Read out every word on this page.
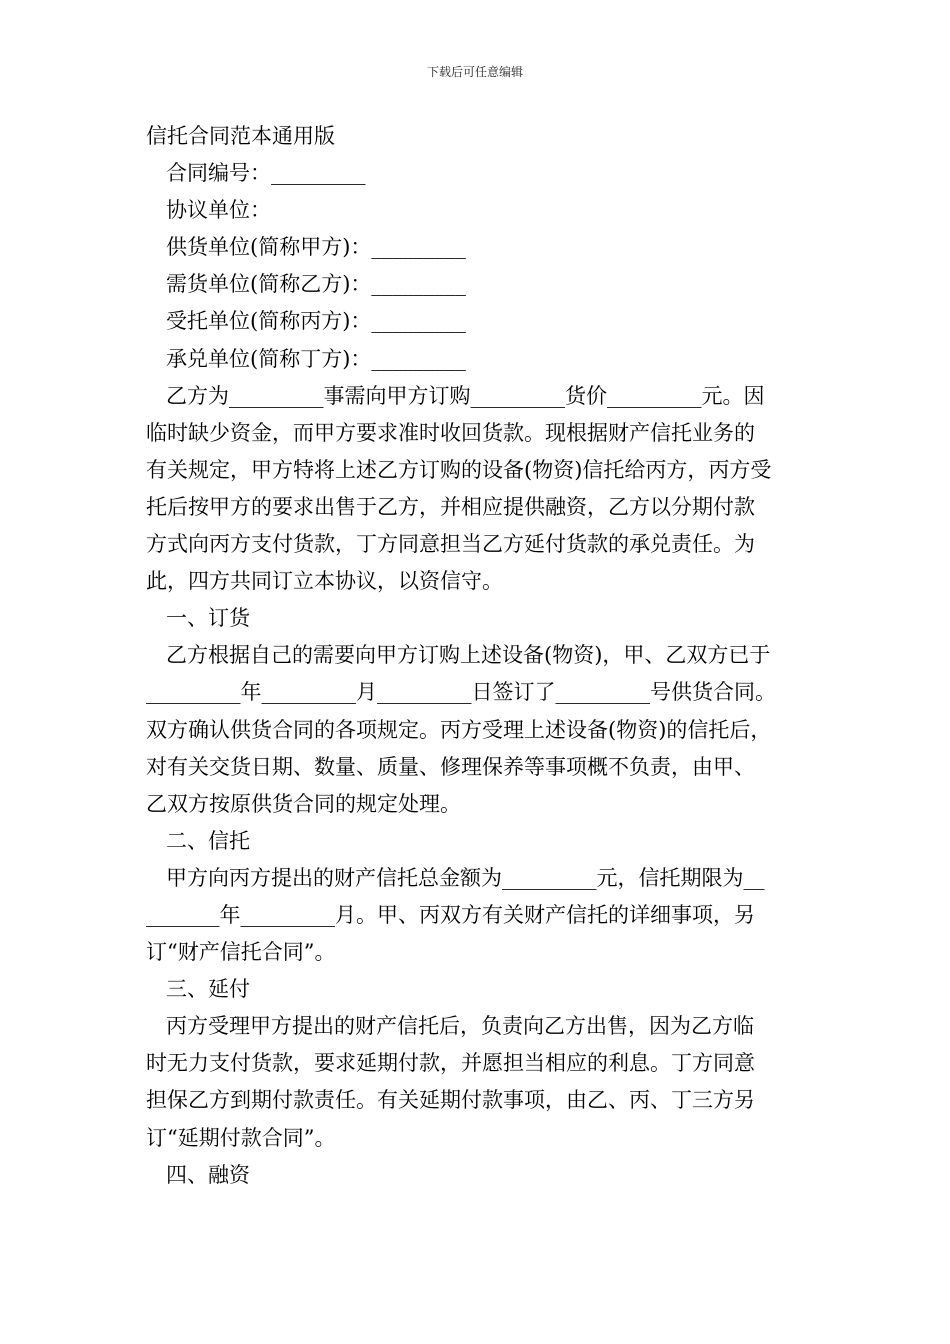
下载后可任意编辑

信托合同范本通用版

合同编号：_________

协议单位：

供货单位(简称甲方)：_________

需货单位(简称乙方)：_________

受托单位(简称丙方)：_________

承兑单位(简称丁方)：_________

乙方为_________事需向甲方订购_________货价_________元。因

临时缺少资金，而甲方要求准时收回货款。现根据财产信托业务的

有关规定，甲方特将上述乙方订购的设备(物资)信托给丙方，丙方受

托后按甲方的要求出售于乙方，并相应提供融资，乙方以分期付款

方式向丙方支付货款，丁方同意担当乙方延付货款的承兑责任。为

此，四方共同订立本协议，以资信守。

一、订货

乙方根据自己的需要向甲方订购上述设备(物资)，甲、乙双方已于

_________年_________月_________日签订了_________号供货合同。

双方确认供货合同的各项规定。丙方受理上述设备(物资)的信托后，

对有关交货日期、数量、质量、修理保养等事项概不负责，由甲、

乙双方按原供货合同的规定处理。

二、信托

甲方向丙方提出的财产信托总金额为_________元，信托期限为__

_______年_________月。甲、丙双方有关财产信托的详细事项，另

订“财产信托合同”。

三、延付

丙方受理甲方提出的财产信托后，负责向乙方出售，因为乙方临

时无力支付货款，要求延期付款，并愿担当相应的利息。丁方同意

担保乙方到期付款责任。有关延期付款事项，由乙、丙、丁三方另

订“延期付款合同”。

四、融资
